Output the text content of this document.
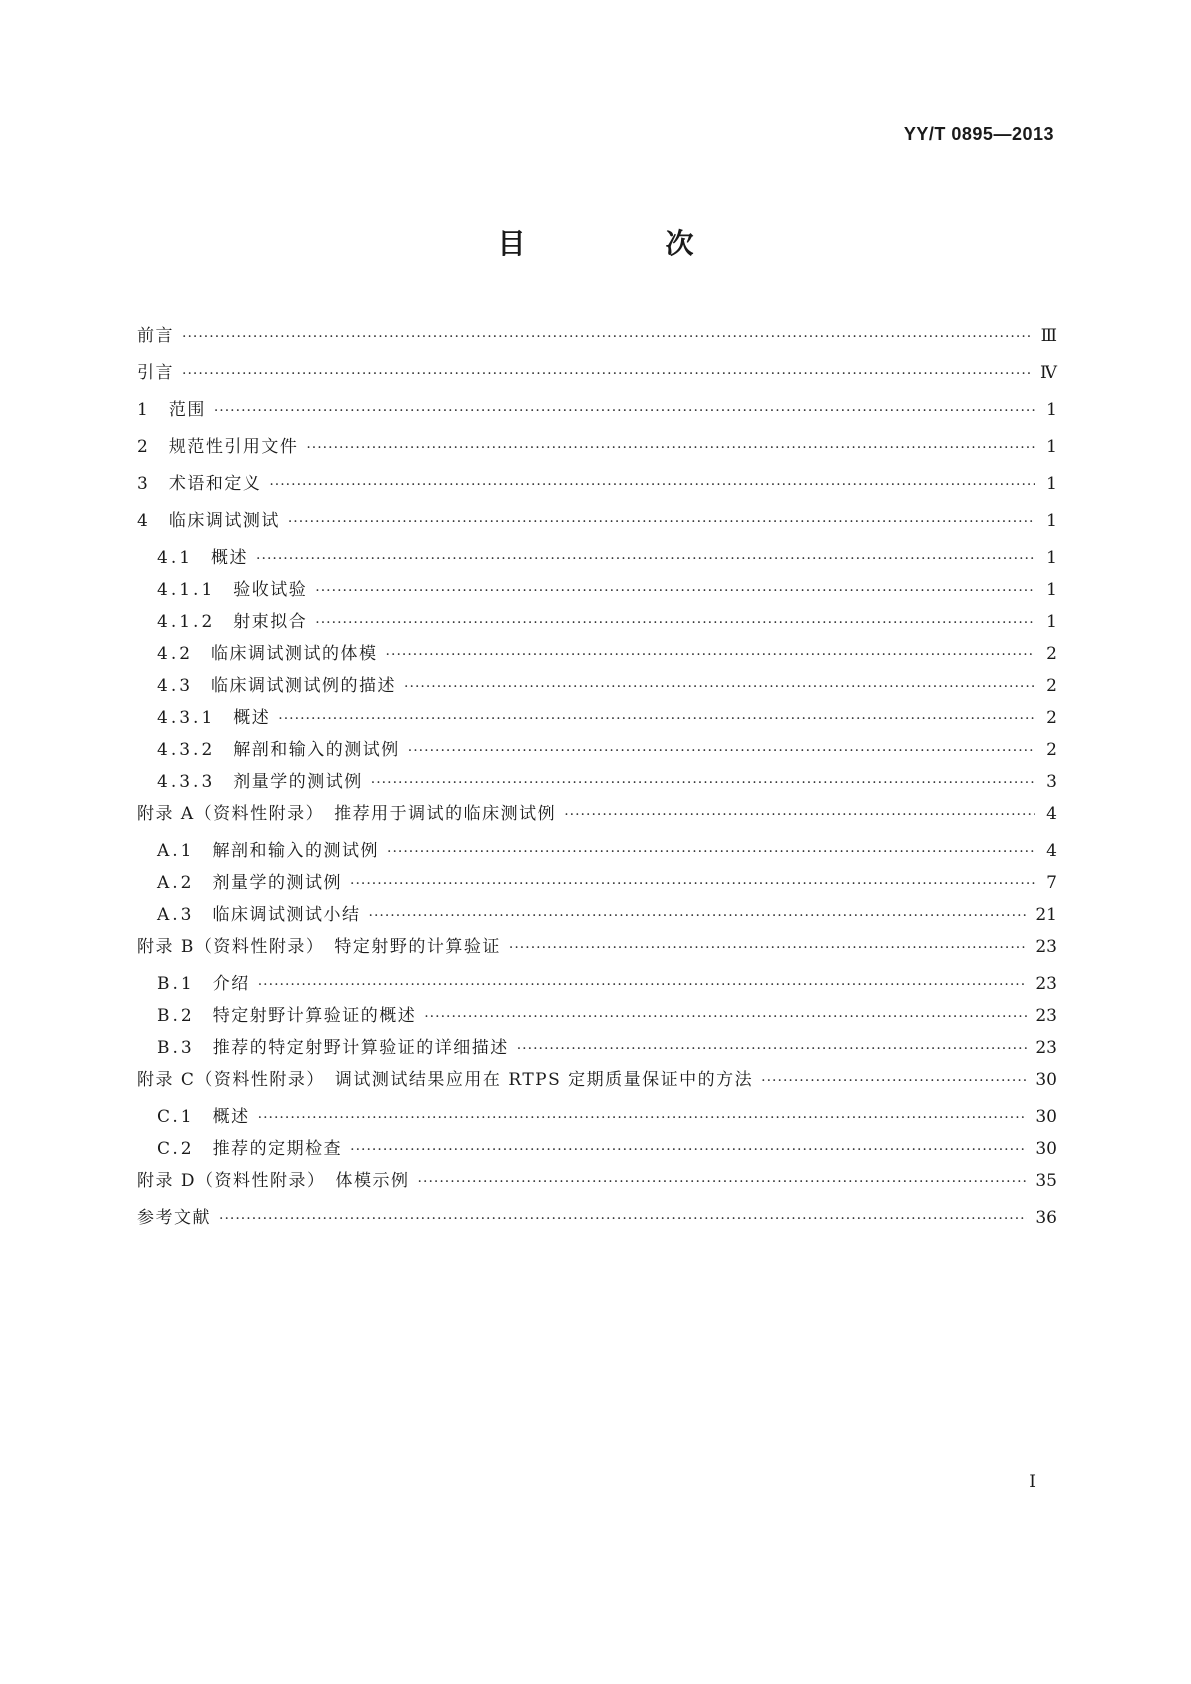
YY/T 0895—2013
目　次
前言 ·····	Ⅲ
引言 ·····	Ⅳ
1 范围 ·····	1
2 规范性引用文件 ·····	1
3 术语和定义 ·····	1
4 临床调试测试 ·····	1
4.1 概述 ·····	1
4.1.1 验收试验 ·····	1
4.1.2 射束拟合 ·····	1
4.2 临床调试测试的体模 ·····	2
4.3 临床调试测试例的描述 ·····	2
4.3.1 概述 ·····	2
4.3.2 解剖和输入的测试例 ·····	2
4.3.3 剂量学的测试例 ·····	3
附录 A（资料性附录）　推荐用于调试的临床测试例 ·····	4
A.1 解剖和输入的测试例 ·····	4
A.2 剂量学的测试例 ·····	7
A.3 临床调试测试小结 ·····	21
附录 B（资料性附录）　特定射野的计算验证 ·····	23
B.1 介绍 ·····	23
B.2 特定射野计算验证的概述 ·····	23
B.3 推荐的特定射野计算验证的详细描述 ·····	23
附录 C（资料性附录）　调试测试结果应用在 RTPS 定期质量保证中的方法 ·····	30
C.1 概述 ·····	30
C.2 推荐的定期检查 ·····	30
附录 D（资料性附录）　体模示例 ·····	35
参考文献 ·····	36
Ⅰ
